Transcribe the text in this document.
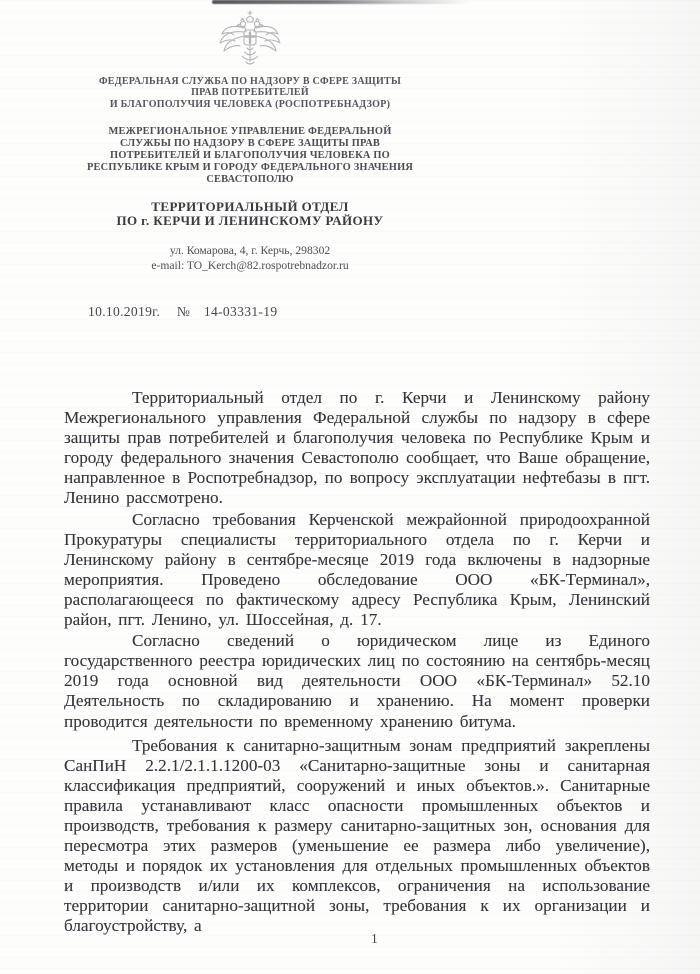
ФЕДЕРАЛЬНАЯ СЛУЖБА ПО НАДЗОРУ В СФЕРЕ ЗАЩИТЫ
ПРАВ ПОТРЕБИТЕЛЕЙ
И БЛАГОПОЛУЧИЯ ЧЕЛОВЕКА (РОСПОТРЕБНАДЗОР)
МЕЖРЕГИОНАЛЬНОЕ УПРАВЛЕНИЕ ФЕДЕРАЛЬНОЙ
СЛУЖБЫ ПО НАДЗОРУ В СФЕРЕ ЗАЩИТЫ ПРАВ
ПОТРЕБИТЕЛЕЙ И БЛАГОПОЛУЧИЯ ЧЕЛОВЕКА ПО
РЕСПУБЛИКЕ КРЫМ И ГОРОДУ ФЕДЕРАЛЬНОГО ЗНАЧЕНИЯ
СЕВАСТОПОЛЮ
ТЕРРИТОРИАЛЬНЫЙ ОТДЕЛ
ПО г. КЕРЧИ И ЛЕНИНСКОМУ РАЙОНУ
ул. Комарова, 4, г. Керчь, 298302
e-mail: TO_Kerch@82.rospotrebnadzor.ru
10.10.2019г. № 14-03331-19

Территориальный отдел по г. Керчи и Ленинскому району Межрегионального управления Федеральной службы по надзору в сфере защиты прав потребителей и благополучия человека по Республике Крым и городу федерального значения Севастополю сообщает, что Ваше обращение, направленное в Роспотребнадзор, по вопросу эксплуатации нефтебазы в пгт. Ленино рассмотрено.

Согласно требования Керченской межрайонной природоохранной Прокуратуры специалисты территориального отдела по г. Керчи и Ленинскому району в сентябре-месяце 2019 года включены в надзорные мероприятия. Проведено обследование ООО «БК-Терминал», располагающееся по фактическому адресу Республика Крым, Ленинский район, пгт. Ленино, ул. Шоссейная, д. 17.

Согласно сведений о юридическом лице из Единого государственного реестра юридических лиц по состоянию на сентябрь-месяц 2019 года основной вид деятельности ООО «БК-Терминал» 52.10 Деятельность по складированию и хранению. На момент проверки проводится деятельности по временному хранению битума.

Требования к санитарно-защитным зонам предприятий закреплены СанПиН 2.2.1/2.1.1.1200-03 «Санитарно-защитные зоны и санитарная классификация предприятий, сооружений и иных объектов.». Санитарные правила устанавливают класс опасности промышленных объектов и производств, требования к размеру санитарно-защитных зон, основания для пересмотра этих размеров (уменьшение ее размера либо увеличение), методы и порядок их установления для отдельных промышленных объектов и производств и/или их комплексов, ограничения на использование территории санитарно-защитной зоны, требования к их организации и благоустройству, а

1
